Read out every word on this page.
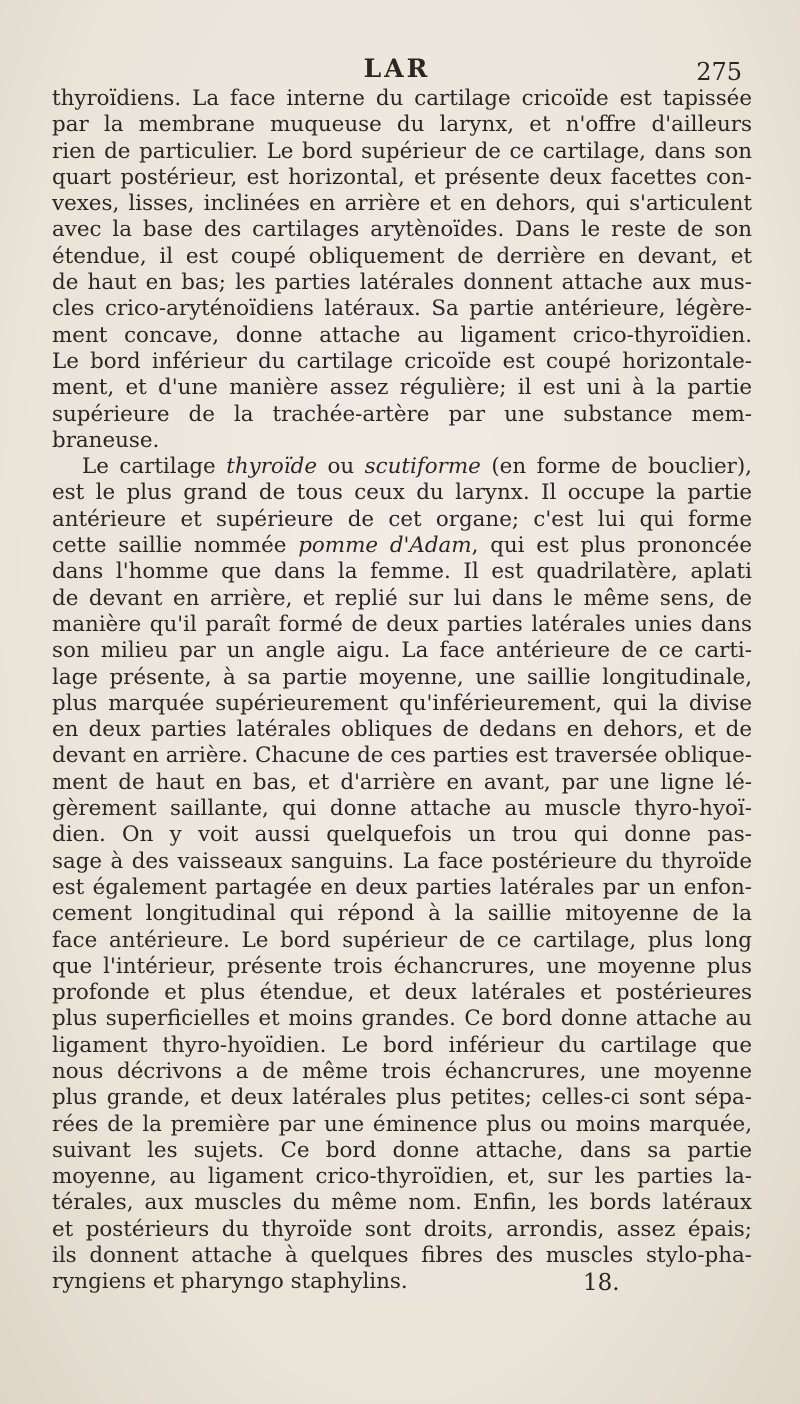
LAR	275
thyroïdiens. La face interne du cartilage cricoïde est tapissée
par la membrane muqueuse du larynx, et n'offre d'ailleurs
rien de particulier. Le bord supérieur de ce cartilage, dans son
quart postérieur, est horizontal, et présente deux facettes con-
vexes, lisses, inclinées en arrière et en dehors, qui s'articulent
avec la base des cartilages arytènoïdes. Dans le reste de son
étendue, il est coupé obliquement de derrière en devant, et
de haut en bas; les parties latérales donnent attache aux mus-
cles crico-aryténoïdiens latéraux. Sa partie antérieure, légère-
ment concave, donne attache au ligament crico-thyroïdien.
Le bord inférieur du cartilage cricoïde est coupé horizontale-
ment, et d'une manière assez régulière; il est uni à la partie
supérieure de la trachée-artère par une substance mem-
braneuse.
Le cartilage thyroïde ou scutiforme (en forme de bouclier),
est le plus grand de tous ceux du larynx. Il occupe la partie
antérieure et supérieure de cet organe; c'est lui qui forme
cette saillie nommée pomme d'Adam, qui est plus prononcée
dans l'homme que dans la femme. Il est quadrilatère, aplati
de devant en arrière, et replié sur lui dans le même sens, de
manière qu'il paraît formé de deux parties latérales unies dans
son milieu par un angle aigu. La face antérieure de ce carti-
lage présente, à sa partie moyenne, une saillie longitudinale,
plus marquée supérieurement qu'inférieurement, qui la divise
en deux parties latérales obliques de dedans en dehors, et de
devant en arrière. Chacune de ces parties est traversée oblique-
ment de haut en bas, et d'arrière en avant, par une ligne lé-
gèrement saillante, qui donne attache au muscle thyro-hyoï-
dien. On y voit aussi quelquefois un trou qui donne pas-
sage à des vaisseaux sanguins. La face postérieure du thyroïde
est également partagée en deux parties latérales par un enfon-
cement longitudinal qui répond à la saillie mitoyenne de la
face antérieure. Le bord supérieur de ce cartilage, plus long
que l'intérieur, présente trois échancrures, une moyenne plus
profonde et plus étendue, et deux latérales et postérieures
plus superficielles et moins grandes. Ce bord donne attache au
ligament thyro-hyoïdien. Le bord inférieur du cartilage que
nous décrivons a de même trois échancrures, une moyenne
plus grande, et deux latérales plus petites; celles-ci sont sépa-
rées de la première par une éminence plus ou moins marquée,
suivant les sujets. Ce bord donne attache, dans sa partie
moyenne, au ligament crico-thyroïdien, et, sur les parties la-
térales, aux muscles du même nom. Enfin, les bords latéraux
et postérieurs du thyroïde sont droits, arrondis, assez épais;
ils donnent attache à quelques fibres des muscles stylo-pha-
ryngiens et pharyngo staphylins.	18.
